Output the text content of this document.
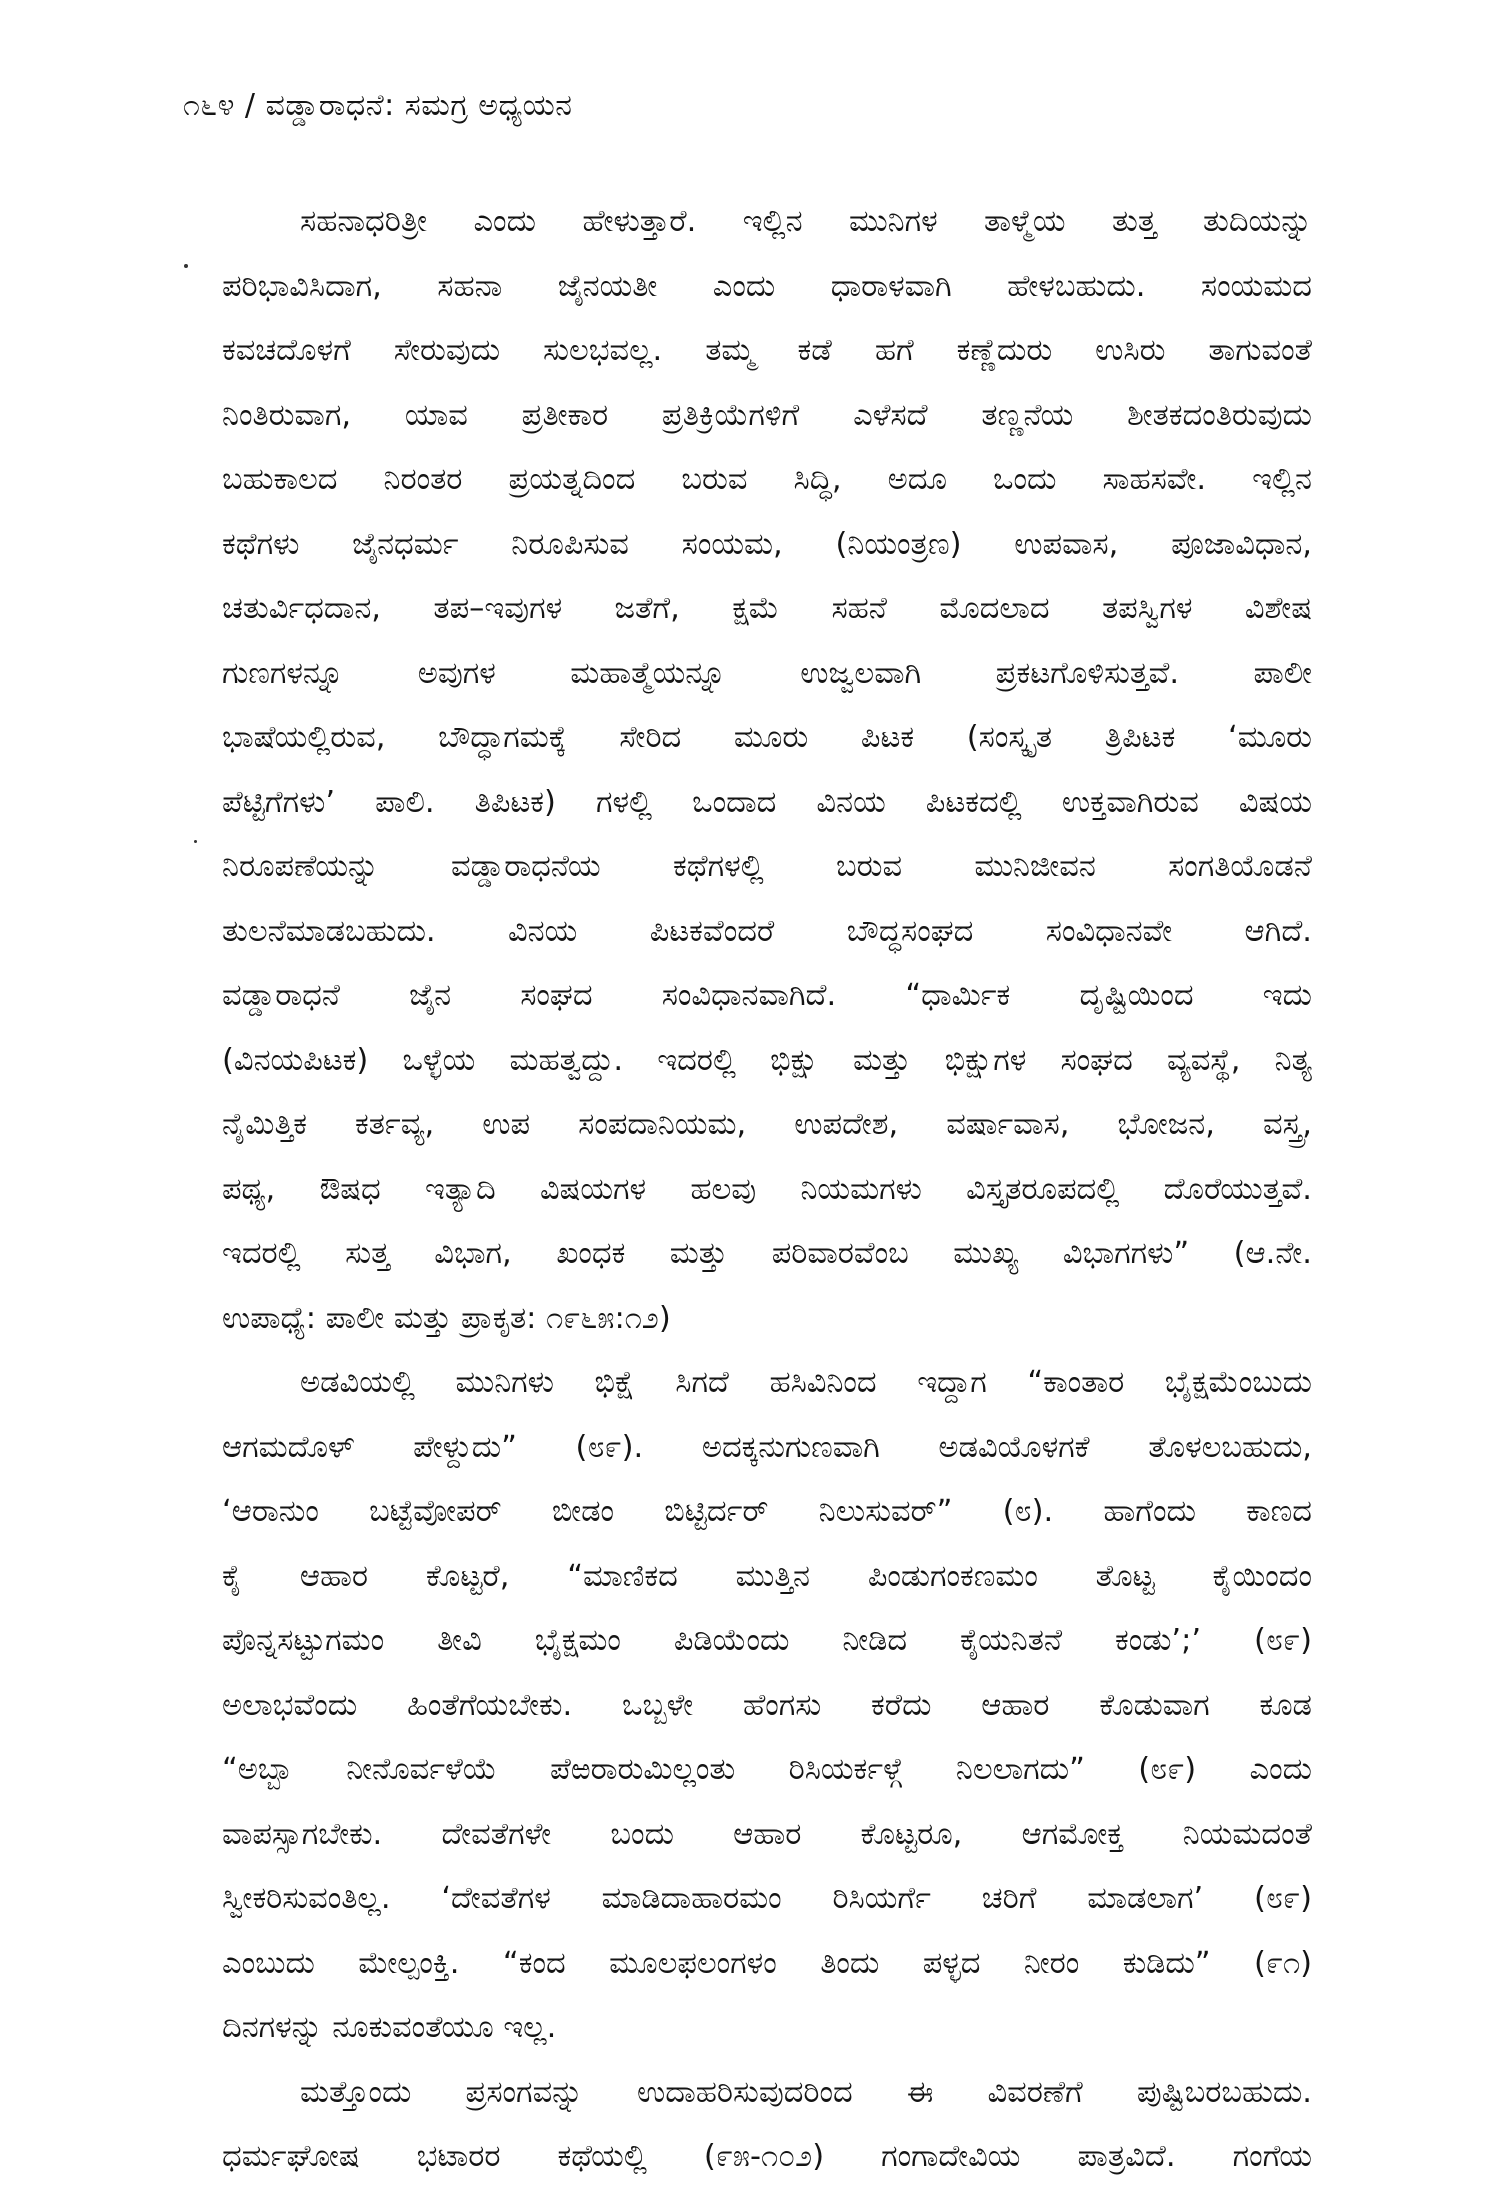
೧೬೪ / ವಡ್ಡಾರಾಧನೆ: ಸಮಗ್ರ ಅಧ್ಯಯನ

ಸಹನಾಧರಿತ್ರೀ ಎಂದು ಹೇಳುತ್ತಾರೆ. ಇಲ್ಲಿನ ಮುನಿಗಳ ತಾಳ್ಮೆಯ ತುತ್ತ ತುದಿಯನ್ನು
ಪರಿಭಾವಿಸಿದಾಗ, ಸಹನಾ ಜೈನಯತೀ ಎಂದು ಧಾರಾಳವಾಗಿ ಹೇಳಬಹುದು. ಸಂಯಮದ
ಕವಚದೊಳಗೆ ಸೇರುವುದು ಸುಲಭವಲ್ಲ. ತಮ್ಮ ಕಡೆ ಹಗೆ ಕಣ್ಣೆದುರು ಉಸಿರು ತಾಗುವಂತೆ
ನಿಂತಿರುವಾಗ, ಯಾವ ಪ್ರತೀಕಾರ ಪ್ರತಿಕ್ರಿಯೆಗಳಿಗೆ ಎಳೆಸದೆ ತಣ್ಣನೆಯ ಶೀತಕದಂತಿರುವುದು
ಬಹುಕಾಲದ ನಿರಂತರ ಪ್ರಯತ್ನದಿಂದ ಬರುವ ಸಿದ್ಧಿ, ಅದೂ ಒಂದು ಸಾಹಸವೇ. ಇಲ್ಲಿನ
ಕಥೆಗಳು ಜೈನಧರ್ಮ ನಿರೂಪಿಸುವ ಸಂಯಮ, (ನಿಯಂತ್ರಣ) ಉಪವಾಸ, ಪೂಜಾವಿಧಾನ,
ಚತುರ್ವಿಧದಾನ, ತಪ–ಇವುಗಳ ಜತೆಗೆ, ಕ್ಷಮೆ ಸಹನೆ ಮೊದಲಾದ ತಪಸ್ವಿಗಳ ವಿಶೇಷ
ಗುಣಗಳನ್ನೂ ಅವುಗಳ ಮಹಾತ್ಮೆಯನ್ನೂ ಉಜ್ವಲವಾಗಿ ಪ್ರಕಟಗೊಳಿಸುತ್ತವೆ. ಪಾಲೀ
ಭಾಷೆಯಲ್ಲಿರುವ, ಬೌದ್ಧಾಗಮಕ್ಕೆ ಸೇರಿದ ಮೂರು ಪಿಟಕ (ಸಂಸ್ಕೃತ ತ್ರಿಪಿಟಕ ‘ಮೂರು
ಪೆಟ್ಟಿಗೆಗಳು’ ಪಾಲಿ. ತಿಪಿಟಕ) ಗಳಲ್ಲಿ ಒಂದಾದ ವಿನಯ ಪಿಟಕದಲ್ಲಿ ಉಕ್ತವಾಗಿರುವ ವಿಷಯ
ನಿರೂಪಣೆಯನ್ನು ವಡ್ಡಾರಾಧನೆಯ ಕಥೆಗಳಲ್ಲಿ ಬರುವ ಮುನಿಜೀವನ ಸಂಗತಿಯೊಡನೆ
ತುಲನೆಮಾಡಬಹುದು. ವಿನಯ ಪಿಟಕವೆಂದರೆ ಬೌದ್ಧಸಂಘದ ಸಂವಿಧಾನವೇ ಆಗಿದೆ.
ವಡ್ಡಾರಾಧನೆ ಜೈನ ಸಂಘದ ಸಂವಿಧಾನವಾಗಿದೆ. “ಧಾರ್ಮಿಕ ದೃಷ್ಟಿಯಿಂದ ಇದು
(ವಿನಯಪಿಟಕ) ಒಳ್ಳೆಯ ಮಹತ್ವದ್ದು. ಇದರಲ್ಲಿ ಭಿಕ್ಷು ಮತ್ತು ಭಿಕ್ಷುಗಳ ಸಂಘದ ವ್ಯವಸ್ಥೆ, ನಿತ್ಯ
ನೈಮಿತ್ತಿಕ ಕರ್ತವ್ಯ, ಉಪ ಸಂಪದಾನಿಯಮ, ಉಪದೇಶ, ವರ್ಷಾವಾಸ, ಭೋಜನ, ವಸ್ತ್ರ,
ಪಥ್ಯ, ಔಷಧ ಇತ್ಯಾದಿ ವಿಷಯಗಳ ಹಲವು ನಿಯಮಗಳು ವಿಸ್ತೃತರೂಪದಲ್ಲಿ ದೊರೆಯುತ್ತವೆ.
ಇದರಲ್ಲಿ ಸುತ್ತ ವಿಭಾಗ, ಖಂಧಕ ಮತ್ತು ಪರಿವಾರವೆಂಬ ಮುಖ್ಯ ವಿಭಾಗಗಳು” (ಆ.ನೇ.
ಉಪಾಧ್ಯೆ: ಪಾಲೀ ಮತ್ತು ಪ್ರಾಕೃತ: ೧೯೬೫:೧೨)

ಅಡವಿಯಲ್ಲಿ ಮುನಿಗಳು ಭಿಕ್ಷೆ ಸಿಗದೆ ಹಸಿವಿನಿಂದ ಇದ್ದಾಗ “ಕಾಂತಾರ ಭೈಕ್ಷಮೆಂಬುದು
ಆಗಮದೊಳ್ ಪೇಳ್ದುದು” (೮೯). ಅದಕ್ಕನುಗುಣವಾಗಿ ಅಡವಿಯೊಳಗಕೆ ತೊಳಲಬಹುದು,
‘ಆರಾನುಂ ಬಟ್ಟೆವೋಪರ್ ಬೀಡಂ ಬಿಟ್ಟಿರ್ದರ್ ನಿಲುಸುವರ್” (೮). ಹಾಗೆಂದು ಕಾಣದ
ಕೈ ಆಹಾರ ಕೊಟ್ಟರೆ, “ಮಾಣಿಕದ ಮುತ್ತಿನ ಪಿಂಡುಗಂಕಣಮಂ ತೊಟ್ಟ ಕೈಯಿಂದಂ
ಪೊನ್ನಸಟ್ಟುಗಮಂ ತೀವಿ ಭೈಕ್ಷಮಂ ಪಿಡಿಯೆಂದು ನೀಡಿದ ಕೈಯನಿತನೆ ಕಂಡು’;’ (೮೯)
ಅಲಾಭವೆಂದು ಹಿಂತೆಗೆಯಬೇಕು. ಒಬ್ಬಳೇ ಹೆಂಗಸು ಕರೆದು ಆಹಾರ ಕೊಡುವಾಗ ಕೂಡ
“ಅಬ್ಬಾ ನೀನೊರ್ವಳೆಯೆ ಪೆಱರಾರುಮಿಲ್ಲಂತು ರಿಸಿಯರ್ಕಳ್ಗೆ ನಿಲಲಾಗದು” (೮೯) ಎಂದು
ವಾಪಸ್ಸಾಗಬೇಕು. ದೇವತೆಗಳೇ ಬಂದು ಆಹಾರ ಕೊಟ್ಟರೂ, ಆಗಮೋಕ್ತ ನಿಯಮದಂತೆ
ಸ್ವೀಕರಿಸುವಂತಿಲ್ಲ. ‘ದೇವತೆಗಳ ಮಾಡಿದಾಹಾರಮಂ ರಿಸಿಯರ್ಗೆ ಚರಿಗೆ ಮಾಡಲಾಗ’ (೮೯)
ಎಂಬುದು ಮೇಲ್ಪಂಕ್ತಿ. “ಕಂದ ಮೂಲಫಲಂಗಳಂ ತಿಂದು ಪಳ್ಳದ ನೀರಂ ಕುಡಿದು” (೯೧)
ದಿನಗಳನ್ನು ನೂಕುವಂತೆಯೂ ಇಲ್ಲ.

ಮತ್ತೊಂದು ಪ್ರಸಂಗವನ್ನು ಉದಾಹರಿಸುವುದರಿಂದ ಈ ವಿವರಣೆಗೆ ಪುಷ್ಟಿಬರಬಹುದು.
ಧರ್ಮಘೋಷ ಭಟಾರರ ಕಥೆಯಲ್ಲಿ (೯೫-೧೦೨) ಗಂಗಾದೇವಿಯ ಪಾತ್ರವಿದೆ. ಗಂಗೆಯ
